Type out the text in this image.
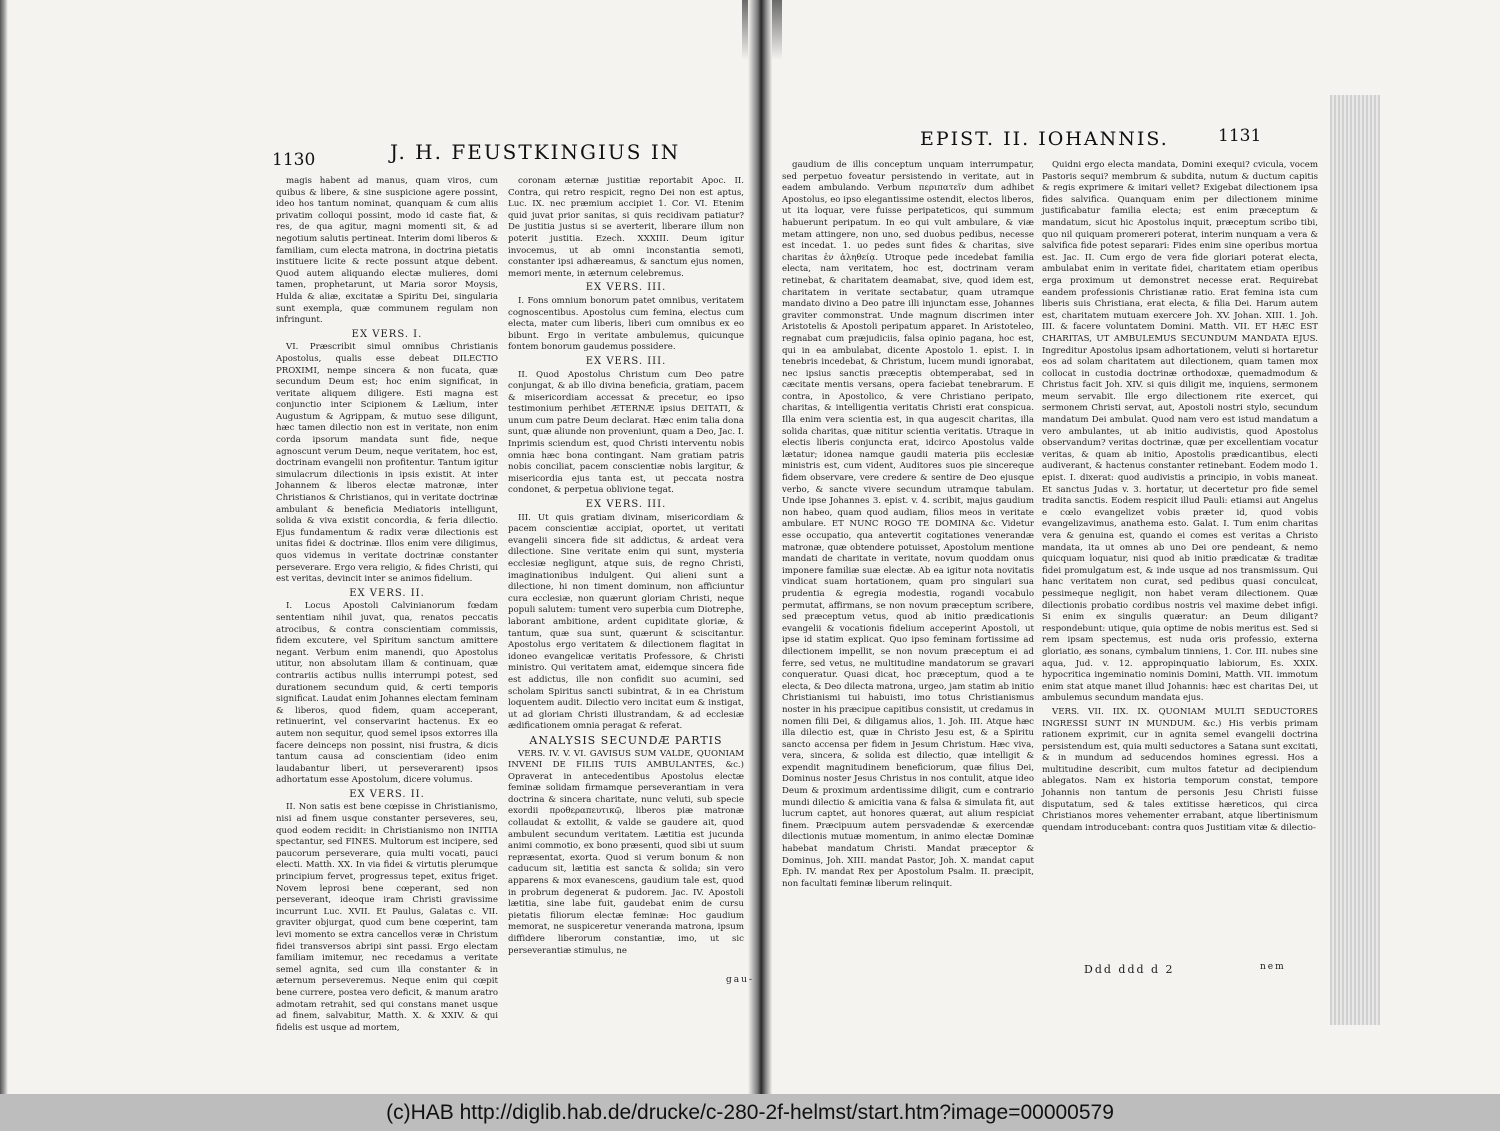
1130	J. H. FEUSTKINGIUS IN

magis habent ad manus, quam viros, cum quibus & libere, & sine suspicione agere possint, ideo hos tantum nominat, quanquam & cum aliis privatim colloqui possint, modo id caste fiat, & res, de qua agitur, magni momenti sit, & ad negotium salutis pertineat. Interim domi liberos & familiam, cum electa matrona, in doctrina pietatis instituere licite & recte possunt atque debent. Quod autem aliquando electæ mulieres, domi tamen, prophetarunt, ut Maria soror Moysis, Hulda & aliæ, excitatæ a Spiritu Dei, singularia sunt exempla, quæ communem regulam non infringunt.

EX VERS. I.

VI. Præscribit simul omnibus Christianis Apostolus, qualis esse debeat DILECTIO PROXIMI, nempe sincera & non fucata, quæ secundum Deum est; hoc enim significat, in veritate aliquem diligere. Esti magna est conjunctio inter Scipionem & Lælium, inter Augustum & Agrippam, & mutuo sese diligunt, hæc tamen dilectio non est in veritate, non enim corda ipsorum mandata sunt fide, neque agnoscunt verum Deum, neque veritatem, hoc est, doctrinam evangelii non profitentur. Tantum igitur simulacrum dilectionis in ipsis existit. At inter Johannem & liberos electæ matronæ, inter Christianos & Christianos, qui in veritate doctrinæ ambulant & beneficia Mediatoris intelligunt, solida & viva existit concordia, & feria dilectio. Ejus fundamentum & radix veræ dilectionis est unitas fidei & doctrinæ. Illos enim vere diligimus, quos videmus in veritate doctrinæ constanter perseverare. Ergo vera religio, & fides Christi, qui est veritas, devincit inter se animos fidelium.

EX VERS. II.

I. Locus Apostoli Calvinianorum fœdam sententiam nihil juvat, qua, renatos peccatis atrocibus, & contra conscientiam commissis, fidem excutere, vel Spiritum sanctum amittere negant. Verbum enim manendi, quo Apostolus utitur, non absolutam illam & continuam, quæ contrariis actibus nullis interrumpi potest, sed durationem secundum quid, & certi temporis significat. Laudat enim Johannes electam feminam & liberos, quod fidem, quam acceperant, retinuerint, vel conservarint hactenus. Ex eo autem non sequitur, quod semel ipsos extorres illa facere deinceps non possint, nisi frustra, & dicis tantum causa ad conscientiam (ideo enim laudabantur liberi, ut perseverarent) ipsos adhortatum esse Apostolum, dicere volumus.

EX VERS. II.

II. Non satis est bene cœpisse in Christianismo, nisi ad finem usque constanter perseveres, seu, quod eodem recidit: in Christianismo non INITIA spectantur, sed FINES. Multorum est incipere, sed paucorum perseverare, quia multi vocati, pauci electi. Matth. XX. In via fidei & virtutis plerumque principium fervet, progressus tepet, exitus friget. Novem leprosi bene cœperant, sed non perseverant, ideoque iram Christi gravissime incurrunt Luc. XVII. Et Paulus, Galatas c. VII. graviter objurgat, quod cum bene cœperint, tam levi momento se extra cancellos veræ in Christum fidei transversos abripi sint passi. Ergo electam familiam imitemur, nec recedamus a veritate semel agnita, sed cum illa constanter & in æternum perseveremus. Neque enim qui cœpit bene currere, postea vero deficit, & manum aratro admotam retrahit, sed qui constans manet usque ad finem, salvabitur, Matth. X. & XXIV. & qui fidelis est usque ad mortem,

coronam æternæ justitiæ reportabit Apoc. II. Contra, qui retro respicit, regno Dei non est aptus, Luc. IX. nec præmium accipiet 1. Cor. VI. Etenim quid juvat prior sanitas, si quis recidivam patiatur? De justitia justus si se averterit, liberare illum non poterit justitia. Ezech. XXXIII. Deum igitur invocemus, ut ab omni inconstantia semoti, constanter ipsi adhæreamus, & sanctum ejus nomen, memori mente, in æternum celebremus.

EX VERS. III.

I. Fons omnium bonorum patet omnibus, veritatem cognoscentibus. Apostolus cum femina, electus cum electa, mater cum liberis, liberi cum omnibus ex eo bibunt. Ergo in veritate ambulemus, quicunque fontem bonorum gaudemus possidere.

EX VERS. III.

II. Quod Apostolus Christum cum Deo patre conjungat, & ab illo divina beneficia, gratiam, pacem & misericordiam accessat & precetur, eo ipso testimonium perhibet ÆTERNÆ ipsius DEITATI, & unum cum patre Deum declarat. Hæc enim talia dona sunt, quæ aliunde non proveniunt, quam a Deo, Jac. I. Inprimis sciendum est, quod Christi interventu nobis omnia hæc bona contingant. Nam gratiam patris nobis conciliat, pacem conscientiæ nobis largitur, & misericordia ejus tanta est, ut peccata nostra condonet, & perpetua oblivione tegat.

EX VERS. III.

III. Ut quis gratiam divinam, misericordiam & pacem conscientiæ accipiat, oportet, ut veritati evangelii sincera fide sit addictus, & ardeat vera dilectione. Sine veritate enim qui sunt, mysteria ecclesiæ negligunt, atque suis, de regno Christi, imaginationibus indulgent. Qui alieni sunt a dilectione, hi non timent dominum, non afficiuntur cura ecclesiæ, non quærunt gloriam Christi, neque populi salutem: tument vero superbia cum Diotrephe, laborant ambitione, ardent cupiditate gloriæ, & tantum, quæ sua sunt, quærunt & sciscitantur. Apostolus ergo veritatem & dilectionem flagitat in idoneo evangelicæ veritatis Professore, & Christi ministro. Qui veritatem amat, eidemque sincera fide est addictus, ille non confidit suo acumini, sed scholam Spiritus sancti subintrat, & in ea Christum loquentem audit. Dilectio vero incitat eum & instigat, ut ad gloriam Christi illustrandam, & ad ecclesiæ ædificationem omnia peragat & referat.

ANALYSIS SECUNDÆ PARTIS

VERS. IV. V. VI. GAVISUS SUM VALDE, QUONIAM INVENI DE FILIIS TUIS AMBULANTES, &c.) Opraverat in antecedentibus Apostolus electæ feminæ solidam firmamque perseverantiam in vera doctrina & sincera charitate, nunc veluti, sub specie exordii προθεραπευτικῷ, liberos piæ matronæ collaudat & extollit, & valde se gaudere ait, quod ambulent secundum veritatem. Lætitia est jucunda animi commotio, ex bono præsenti, quod sibi ut suum repræsentat, exorta. Quod si verum bonum & non caducum sit, lætitia est sancta & solida; sin vero apparens & mox evanescens, gaudium tale est, quod in probrum degenerat & pudorem. Jac. IV. Apostoli lætitia, sine labe fuit, gaudebat enim de cursu pietatis filiorum electæ feminæ: Hoc gaudium memorat, ne suspiceretur veneranda matrona, ipsum diffidere liberorum constantiæ, imo, ut sic perseverantiæ stimulus, ne

gau-
EPIST. II. IOHANNIS.	1131

gaudium de illis conceptum unquam interrumpatur, sed perpetuo foveatur persistendo in veritate, aut in eadem ambulando. Verbum περιπατεῖν dum adhibet Apostolus, eo ipso elegantissime ostendit, electos liberos, ut ita loquar, vere fuisse peripateticos, qui summum habuerunt peripatum. In eo qui vult ambulare, & viæ metam attingere, non uno, sed duobus pedibus, necesse est incedat. 1. uo pedes sunt fides & charitas, sive charitas ἐν ἀληθείᾳ. Utroque pede incedebat familia electa, nam veritatem, hoc est, doctrinam veram retinebat, & charitatem deamabat, sive, quod idem est, charitatem in veritate sectabatur, quam utramque mandato divino a Deo patre illi injunctam esse, Johannes graviter commonstrat. Unde magnum discrimen inter Aristotelis & Apostoli peripatum apparet. In Aristoteleo, regnabat cum præjudiciis, falsa opinio pagana, hoc est, qui in ea ambulabat, dicente Apostolo 1. epist. I. in tenebris incedebat, & Christum, lucem mundi ignorabat, nec ipsius sanctis præceptis obtemperabat, sed in cæcitate mentis versans, opera faciebat tenebrarum. E contra, in Apostolico, & vere Christiano peripato, charitas, & intelligentia veritatis Christi erat conspicua. Illa enim vera scientia est, in qua augescit charitas, illa solida charitas, quæ nititur scientia veritatis. Utraque in electis liberis conjuncta erat, idcirco Apostolus valde lætatur; idonea namque gaudii materia piis ecclesiæ ministris est, cum vident, Auditores suos pie sincereque fidem observare, vere credere & sentire de Deo ejusque verbo, & sancte vivere secundum utramque tabulam. Unde ipse Johannes 3. epist. v. 4. scribit, majus gaudium non habeo, quam quod audiam, filios meos in veritate ambulare. ET NUNC ROGO TE DOMINA &c. Videtur esse occupatio, qua antevertit cogitationes venerandæ matronæ, quæ obtendere potuisset, Apostolum mentione mandati de charitate in veritate, novum quoddam onus imponere familiæ suæ electæ. Ab ea igitur nota novitatis vindicat suam hortationem, quam pro singulari sua prudentia & egregia modestia, rogandi vocabulo permutat, affirmans, se non novum præceptum scribere, sed præceptum vetus, quod ab initio prædicationis evangelii & vocationis fidelium acceperint Apostoli, ut ipse id statim explicat. Quo ipso feminam fortissime ad dilectionem impellit, se non novum præceptum ei ad ferre, sed vetus, ne multitudine mandatorum se gravari conqueratur. Quasi dicat, hoc præceptum, quod a te electa, & Deo dilecta matrona, urgeo, jam statim ab initio Christianismi tui habuisti, imo totus Christianismus noster in his præcipue capitibus consistit, ut credamus in nomen filii Dei, & diligamus alios, 1. Joh. III. Atque hæc illa dilectio est, quæ in Christo Jesu est, & a Spiritu sancto accensa per fidem in Jesum Christum. Hæc viva, vera, sincera, & solida est dilectio, quæ intelligit & expendit magnitudinem beneficiorum, quæ filius Dei, Dominus noster Jesus Christus in nos contulit, atque ideo Deum & proximum ardentissime diligit, cum e contrario mundi dilectio & amicitia vana & falsa & simulata fit, aut lucrum captet, aut honores quærat, aut alium respiciat finem. Præcipuum autem persvadendæ & exercendæ dilectionis mutuæ momentum, in animo electæ Dominæ habebat mandatum Christi. Mandat præceptor & Dominus, Joh. XIII. mandat Pastor, Joh. X. mandat caput Eph. IV. mandat Rex per Apostolum Psalm. II. præcipit, non facultati feminæ liberum relinquit.

Quidni ergo electa mandata, Domini exequi? cvicula, vocem Pastoris sequi? membrum & subdita, nutum & ductum capitis & regis exprimere & imitari vellet? Exigebat dilectionem ipsa fides salvifica. Quanquam enim per dilectionem minime justificabatur familia electa; est enim præceptum & mandatum, sicut hic Apostolus inquit, præceptum scribo tibi, quo nil quiquam promereri poterat, interim nunquam a vera & salvifica fide potest separari: Fides enim sine operibus mortua est. Jac. II. Cum ergo de vera fide gloriari poterat electa, ambulabat enim in veritate fidei, charitatem etiam operibus erga proximum ut demonstret necesse erat. Requirebat eandem professionis Christianæ ratio. Erat femina ista cum liberis suis Christiana, erat electa, & filia Dei. Harum autem est, charitatem mutuam exercere Joh. XV. Johan. XIII. 1. Joh. III. & facere voluntatem Domini. Matth. VII. ET HÆC EST CHARITAS, UT AMBULEMUS SECUNDUM MANDATA EJUS. Ingreditur Apostolus ipsam adhortationem, veluti si hortaretur eos ad solam charitatem aut dilectionem, quam tamen mox collocat in custodia doctrinæ orthodoxæ, quemadmodum & Christus facit Joh. XIV. si quis diligit me, inquiens, sermonem meum servabit. Ille ergo dilectionem rite exercet, qui sermonem Christi servat, aut, Apostoli nostri stylo, secundum mandatum Dei ambulat. Quod nam vero est istud mandatum a vero ambulantes, ut ab initio audivistis, quod Apostolus observandum? veritas doctrinæ, quæ per excellentiam vocatur veritas, & quam ab initio, Apostolis prædicantibus, electi audiverant, & hactenus constanter retinebant. Eodem modo 1. epist. I. dixerat: quod audivistis a principio, in vobis maneat. Et sanctus Judas v. 3. hortatur, ut decertetur pro fide semel tradita sanctis. Eodem respicit illud Pauli: etiamsi aut Angelus e cœlo evangelizet vobis præter id, quod vobis evangelizavimus, anathema esto. Galat. I. Tum enim charitas vera & genuina est, quando ei comes est veritas a Christo mandata, ita ut omnes ab uno Dei ore pendeant, & nemo quicquam loquatur, nisi quod ab initio prædicatæ & traditæ fidei promulgatum est, & inde usque ad nos transmissum. Qui hanc veritatem non curat, sed pedibus quasi conculcat, pessimeque negligit, non habet veram dilectionem. Quæ dilectionis probatio cordibus nostris vel maxime debet infigi. Si enim ex singulis quæratur: an Deum diligant? respondebunt: utique, quia optime de nobis meritus est. Sed si rem ipsam spectemus, est nuda oris professio, externa gloriatio, æs sonans, cymbalum tinniens, 1. Cor. III. nubes sine aqua, Jud. v. 12. appropinquatio labiorum, Es. XXIX. hypocritica ingeminatio nominis Domini, Matth. VII. immotum enim stat atque manet illud Johannis: hæc est charitas Dei, ut ambulemus secundum mandata ejus.

VERS. VII. IIX. IX. QUONIAM MULTI SEDUCTORES INGRESSI SUNT IN MUNDUM. &c.) His verbis primam rationem exprimit, cur in agnita semel evangelii doctrina persistendum est, quia multi seductores a Satana sunt excitati, & in mundum ad seducendos homines egressi. Hos a multitudine describit, cum multos fatetur ad decipiendum ablegatos. Nam ex historia temporum constat, tempore Johannis non tantum de personis Jesu Christi fuisse disputatum, sed & tales extitisse hæreticos, qui circa Christianos mores vehementer errabant, atque libertinismum quendam introducebant: contra quos Justitiam vitæ & dilectio-

Ddd ddd d 2	nem
(c)HAB http://diglib.hab.de/drucke/c-280-2f-helmst/start.htm?image=00000579
